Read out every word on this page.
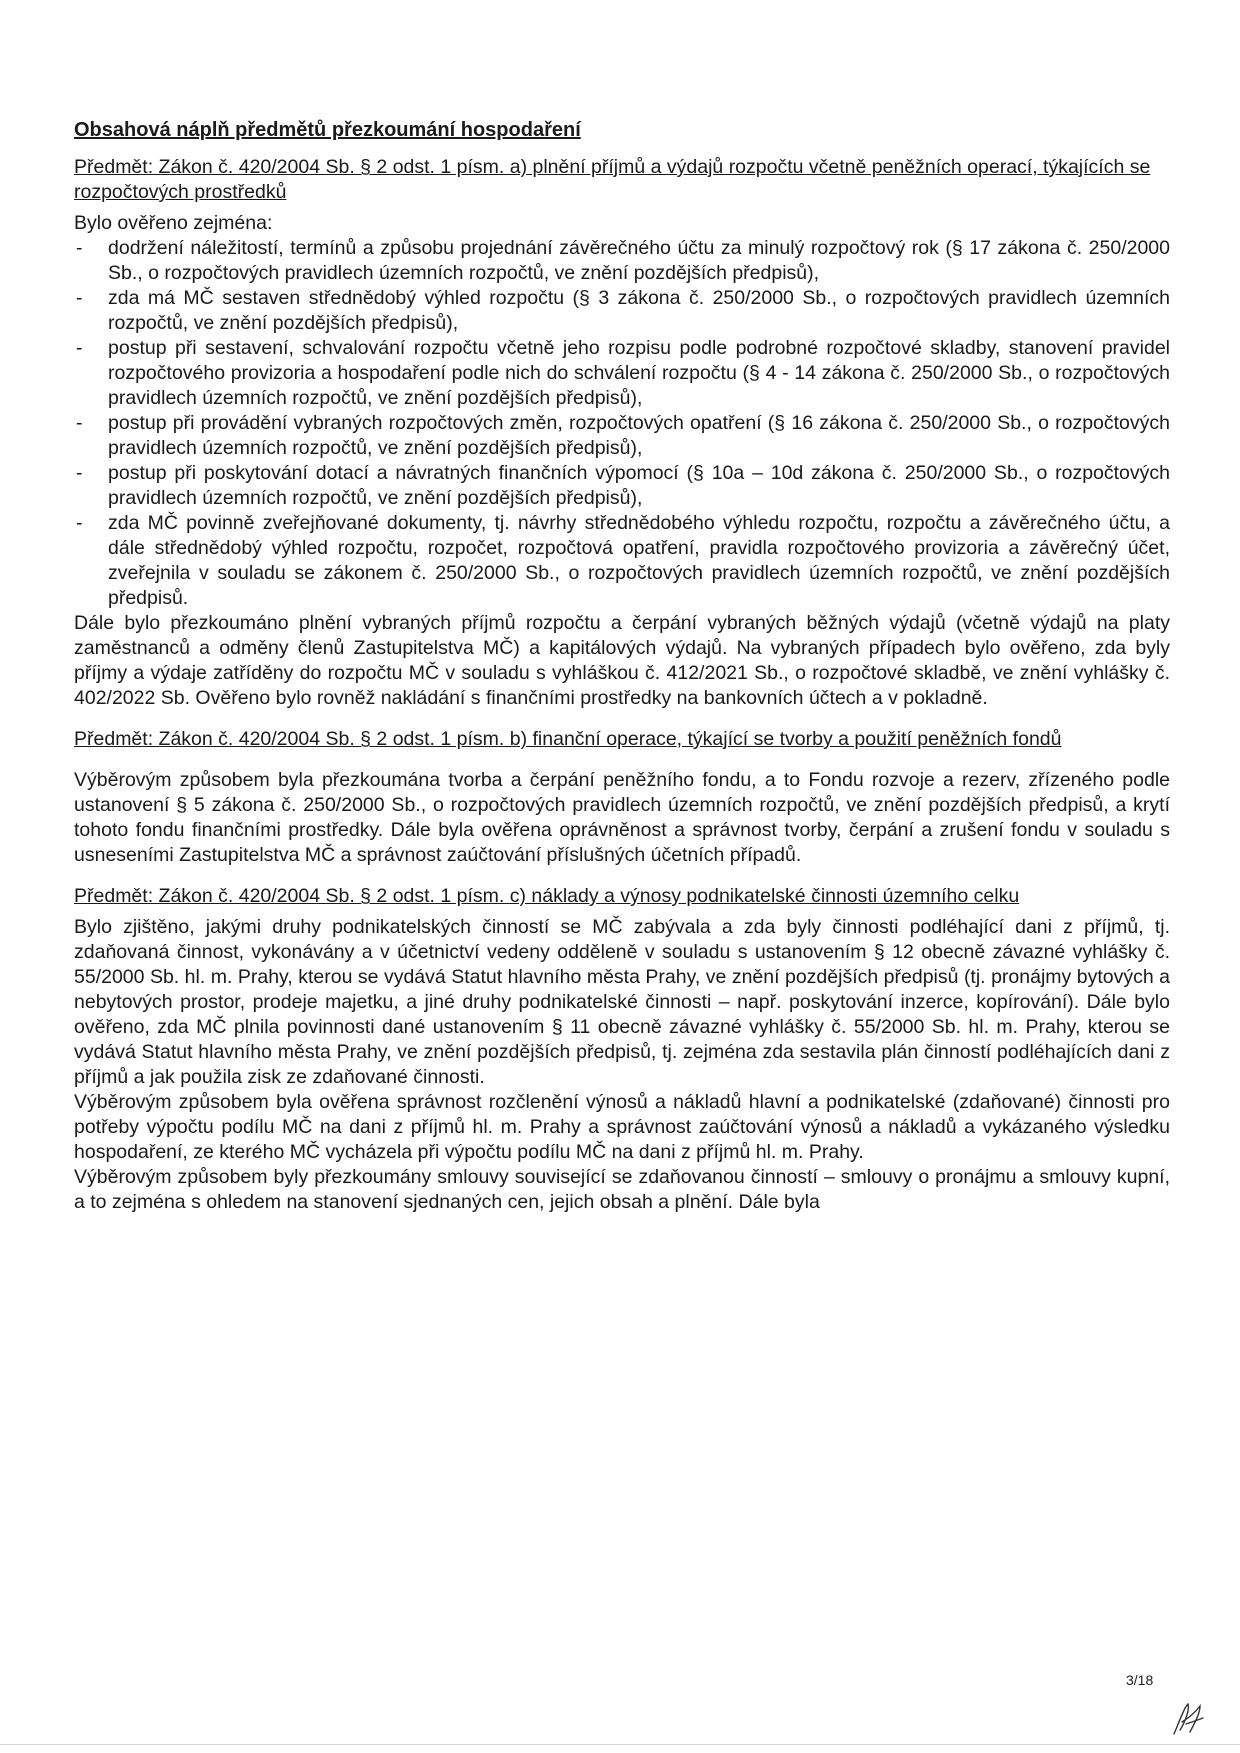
Obsahová náplň předmětů přezkoumání hospodaření
Předmět: Zákon č. 420/2004 Sb. § 2 odst. 1 písm. a) plnění příjmů a výdajů rozpočtu včetně peněžních operací, týkajících se rozpočtových prostředků

Bylo ověřeno zejména:

- dodržení náležitostí, termínů a způsobu projednání závěrečného účtu za minulý rozpočtový rok (§ 17 zákona č. 250/2000 Sb., o rozpočtových pravidlech územních rozpočtů, ve znění pozdějších předpisů),
- zda má MČ sestaven střednědobý výhled rozpočtu (§ 3 zákona č. 250/2000 Sb., o rozpočtových pravidlech územních rozpočtů, ve znění pozdějších předpisů),
- postup při sestavení, schvalování rozpočtu včetně jeho rozpisu podle podrobné rozpočtové skladby, stanovení pravidel rozpočtového provizoria a hospodaření podle nich do schválení rozpočtu (§ 4 - 14 zákona č. 250/2000 Sb., o rozpočtových pravidlech územních rozpočtů, ve znění pozdějších předpisů),
- postup při provádění vybraných rozpočtových změn, rozpočtových opatření (§ 16 zákona č. 250/2000 Sb., o rozpočtových pravidlech územních rozpočtů, ve znění pozdějších předpisů),
- postup při poskytování dotací a návratných finančních výpomocí (§ 10a – 10d zákona č. 250/2000 Sb., o rozpočtových pravidlech územních rozpočtů, ve znění pozdějších předpisů),
- zda MČ povinně zveřejňované dokumenty, tj. návrhy střednědobého výhledu rozpočtu, rozpočtu a závěrečného účtu, a dále střednědobý výhled rozpočtu, rozpočet, rozpočtová opatření, pravidla rozpočtového provizoria a závěrečný účet, zveřejnila v souladu se zákonem č. 250/2000 Sb., o rozpočtových pravidlech územních rozpočtů, ve znění pozdějších předpisů.

Dále bylo přezkoumáno plnění vybraných příjmů rozpočtu a čerpání vybraných běžných výdajů (včetně výdajů na platy zaměstnanců a odměny členů Zastupitelstva MČ) a kapitálových výdajů. Na vybraných případech bylo ověřeno, zda byly příjmy a výdaje zatříděny do rozpočtu MČ v souladu s vyhláškou č. 412/2021 Sb., o rozpočtové skladbě, ve znění vyhlášky č. 402/2022 Sb. Ověřeno bylo rovněž nakládání s finančními prostředky na bankovních účtech a v pokladně.

Předmět: Zákon č. 420/2004 Sb. § 2 odst. 1 písm. b) finanční operace, týkající se tvorby a použití peněžních fondů

Výběrovým způsobem byla přezkoumána tvorba a čerpání peněžního fondu, a to Fondu rozvoje a rezerv, zřízeného podle ustanovení § 5 zákona č. 250/2000 Sb., o rozpočtových pravidlech územních rozpočtů, ve znění pozdějších předpisů, a krytí tohoto fondu finančními prostředky. Dále byla ověřena oprávněnost a správnost tvorby, čerpání a zrušení fondu v souladu s usneseními Zastupitelstva MČ a správnost zaúčtování příslušných účetních případů.

Předmět: Zákon č. 420/2004 Sb. § 2 odst. 1 písm. c) náklady a výnosy podnikatelské činnosti územního celku

Bylo zjištěno, jakými druhy podnikatelských činností se MČ zabývala a zda byly činnosti podléhající dani z příjmů, tj. zdaňovaná činnost, vykonávány a v účetnictví vedeny odděleně v souladu s ustanovením § 12 obecně závazné vyhlášky č. 55/2000 Sb. hl. m. Prahy, kterou se vydává Statut hlavního města Prahy, ve znění pozdějších předpisů (tj. pronájmy bytových a nebytových prostor, prodeje majetku, a jiné druhy podnikatelské činnosti – např. poskytování inzerce, kopírování). Dále bylo ověřeno, zda MČ plnila povinnosti dané ustanovením § 11 obecně závazné vyhlášky č. 55/2000 Sb. hl. m. Prahy, kterou se vydává Statut hlavního města Prahy, ve znění pozdějších předpisů, tj. zejména zda sestavila plán činností podléhajících dani z příjmů a jak použila zisk ze zdaňované činnosti.

Výběrovým způsobem byla ověřena správnost rozčlenění výnosů a nákladů hlavní a podnikatelské (zdaňované) činnosti pro potřeby výpočtu podílu MČ na dani z příjmů hl. m. Prahy a správnost zaúčtování výnosů a nákladů a vykázaného výsledku hospodaření, ze kterého MČ vycházela při výpočtu podílu MČ na dani z příjmů hl. m. Prahy.

Výběrovým způsobem byly přezkoumány smlouvy související se zdaňovanou činností – smlouvy o pronájmu a smlouvy kupní, a to zejména s ohledem na stanovení sjednaných cen, jejich obsah a plnění. Dále byla

3/18
